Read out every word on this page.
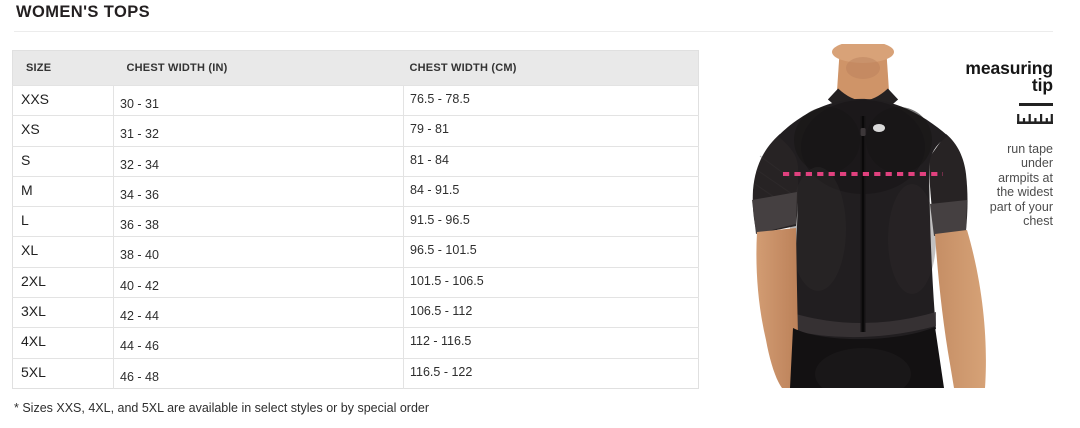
WOMEN'S TOPS
SIZE	CHEST WIDTH (IN)	CHEST WIDTH (CM)
XXS	30 - 31	76.5 - 78.5
XS	31 - 32	79 - 81
S	32 - 34	81 - 84
M	34 - 36	84 - 91.5
L	36 - 38	91.5 - 96.5
XL	38 - 40	96.5 - 101.5
2XL	40 - 42	101.5 - 106.5
3XL	42 - 44	106.5 - 112
4XL	44 - 46	112 - 116.5
5XL	46 - 48	116.5 - 122
* Sizes XXS, 4XL, and 5XL are available in select styles or by special order
measuring
tip
run tape
under
armpits at
the widest
part of your
chest
